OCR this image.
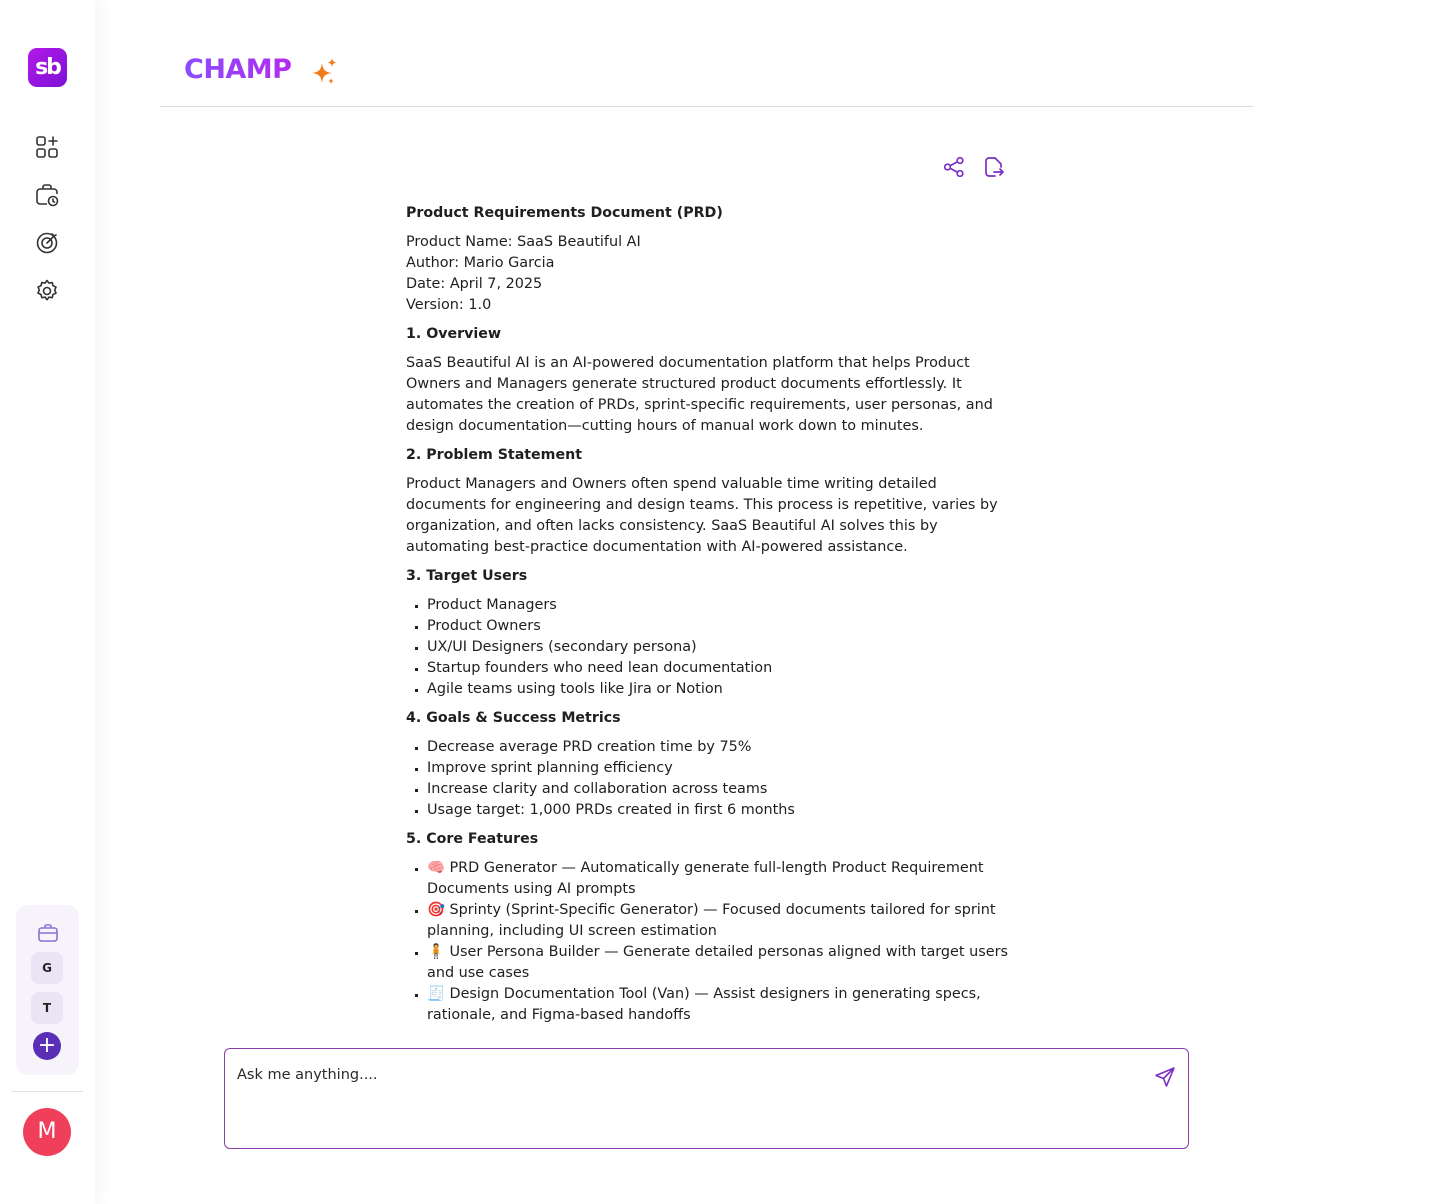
sb
G
T
+
M
CHAMP
Product Requirements Document (PRD)
Product Name: SaaS Beautiful AI
Author: Mario Garcia
Date: April 7, 2025
Version: 1.0
1. Overview

SaaS Beautiful AI is an AI-powered documentation platform that helps Product Owners and Managers generate structured product documents effortlessly. It automates the creation of PRDs, sprint-specific requirements, user personas, and design documentation—cutting hours of manual work down to minutes.

2. Problem Statement

Product Managers and Owners often spend valuable time writing detailed documents for engineering and design teams. This process is repetitive, varies by organization, and often lacks consistency. SaaS Beautiful AI solves this by automating best-practice documentation with AI-powered assistance.

3. Target Users
Product Managers
Product Owners
UX/UI Designers (secondary persona)
Startup founders who need lean documentation
Agile teams using tools like Jira or Notion
4. Goals & Success Metrics
Decrease average PRD creation time by 75%
Improve sprint planning efficiency
Increase clarity and collaboration across teams
Usage target: 1,000 PRDs created in first 6 months
5. Core Features
🧠 PRD Generator — Automatically generate full-length Product Requirement Documents using AI prompts
🎯 Sprinty (Sprint-Specific Generator) — Focused documents tailored for sprint planning, including UI screen estimation
🧍 User Persona Builder — Generate detailed personas aligned with target users and use cases
🧾 Design Documentation Tool (Van) — Assist designers in generating specs, rationale, and Figma-based handoffs
Ask me anything....
